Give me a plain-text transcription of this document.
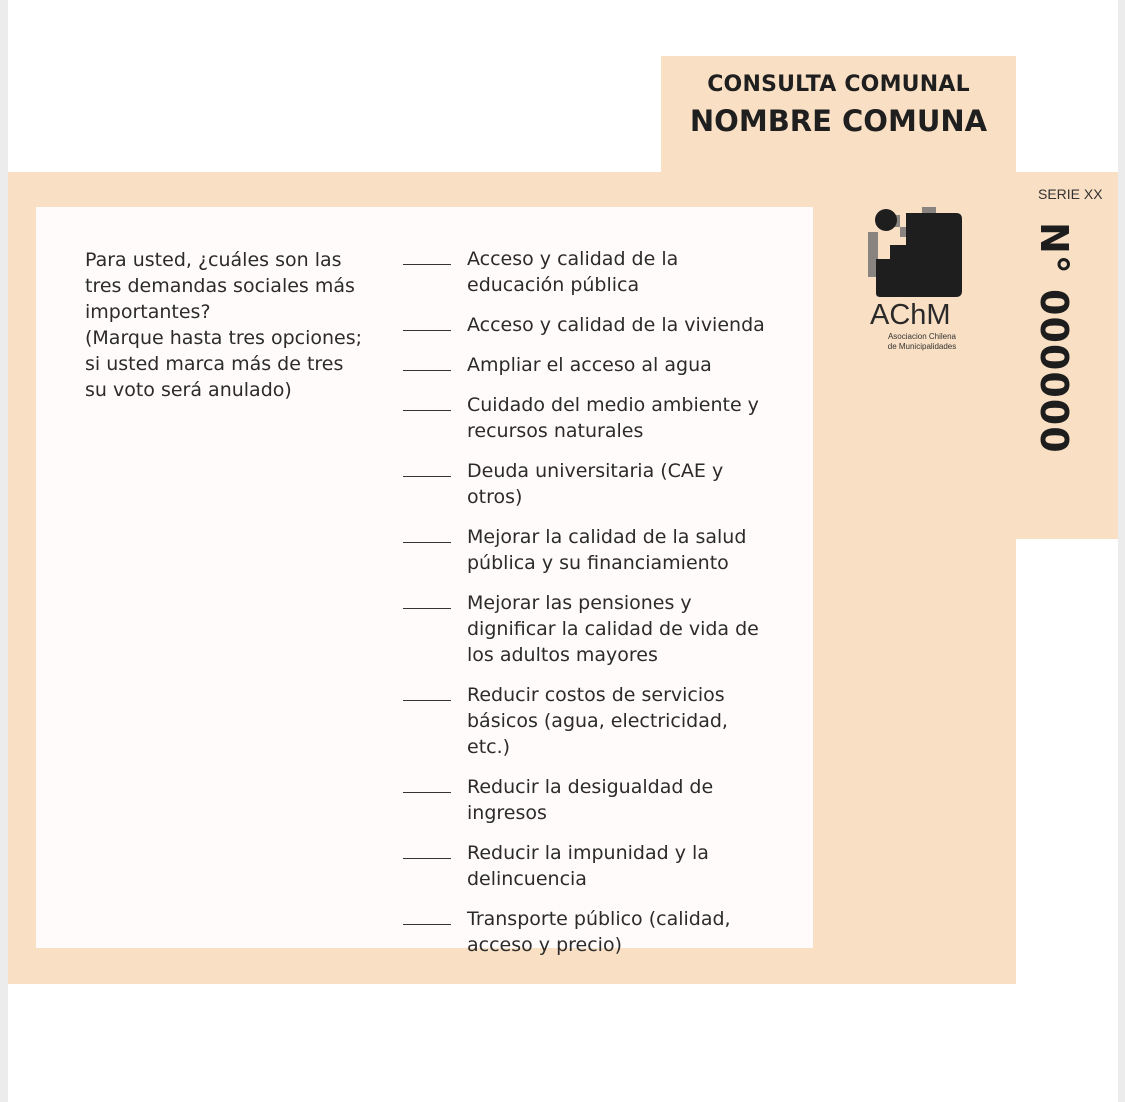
CONSULTA COMUNAL
NOMBRE COMUNA
SERIE XX
N° 000000
Para usted, ¿cuáles son las tres demandas sociales más importantes?
(Marque hasta tres opciones; si usted marca más de tres su voto será anulado)
Acceso y calidad de la educación pública
Acceso y calidad de la vivienda
Ampliar el acceso al agua
Cuidado del medio ambiente y recursos naturales
Deuda universitaria (CAE y otros)
Mejorar la calidad de la salud pública y su financiamiento
Mejorar las pensiones y dignificar la calidad de vida de los adultos mayores
Reducir costos de servicios básicos (agua, electricidad, etc.)
Reducir la desigualdad de ingresos
Reducir la impunidad y la delincuencia
Transporte público (calidad, acceso y precio)
AChM
Asociacion Chilena
de Municipalidades
